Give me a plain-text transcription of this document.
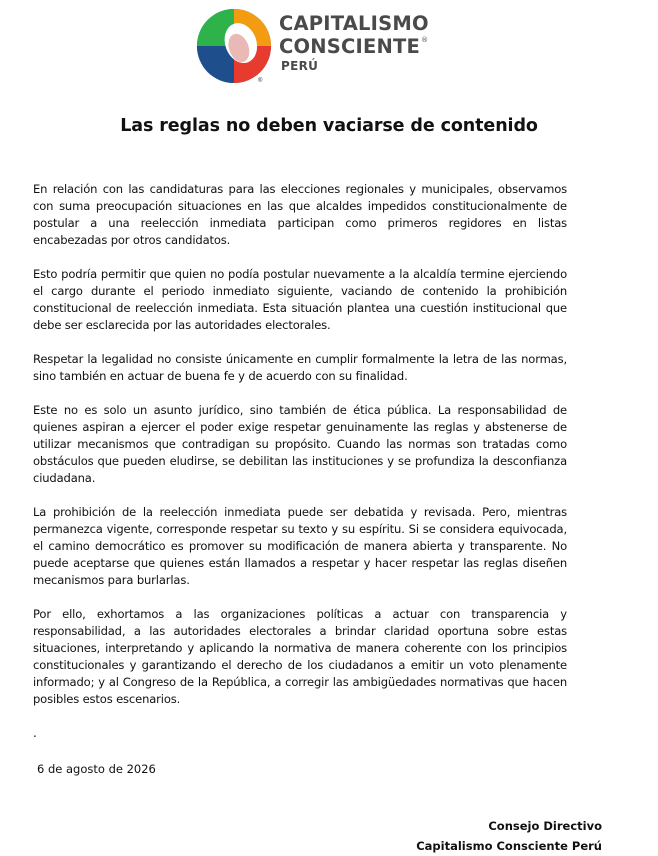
®
CAPITALISMO
CONSCIENTE®
PERÚ
Las reglas no deben vaciarse de contenido

En relación con las candidaturas para las elecciones regionales y municipales, observamos con suma preocupación situaciones en las que alcaldes impedidos constitucionalmente de postular a una reelección inmediata participan como primeros regidores en listas encabezadas por otros candidatos.

Esto podría permitir que quien no podía postular nuevamente a la alcaldía termine ejerciendo el cargo durante el periodo inmediato siguiente, vaciando de contenido la prohibición constitucional de reelección inmediata. Esta situación plantea una cuestión institucional que debe ser esclarecida por las autoridades electorales.

Respetar la legalidad no consiste únicamente en cumplir formalmente la letra de las normas, sino también en actuar de buena fe y de acuerdo con su finalidad.

Este no es solo un asunto jurídico, sino también de ética pública. La responsabilidad de quienes aspiran a ejercer el poder exige respetar genuinamente las reglas y abstenerse de utilizar mecanismos que contradigan su propósito. Cuando las normas son tratadas como obstáculos que pueden eludirse, se debilitan las instituciones y se profundiza la desconfianza ciudadana.

La prohibición de la reelección inmediata puede ser debatida y revisada. Pero, mientras permanezca vigente, corresponde respetar su texto y su espíritu. Si se considera equivocada, el camino democrático es promover su modificación de manera abierta y transparente. No puede aceptarse que quienes están llamados a respetar y hacer respetar las reglas diseñen mecanismos para burlarlas.

Por ello, exhortamos a las organizaciones políticas a actuar con transparencia y responsabilidad, a las autoridades electorales a brindar claridad oportuna sobre estas situaciones, interpretando y aplicando la normativa de manera coherente con los principios constitucionales y garantizando el derecho de los ciudadanos a emitir un voto plenamente informado; y al Congreso de la República, a corregir las ambigüedades normativas que hacen posibles estos escenarios.

.
6 de agosto de 2026
Consejo Directivo
Capitalismo Consciente Perú
